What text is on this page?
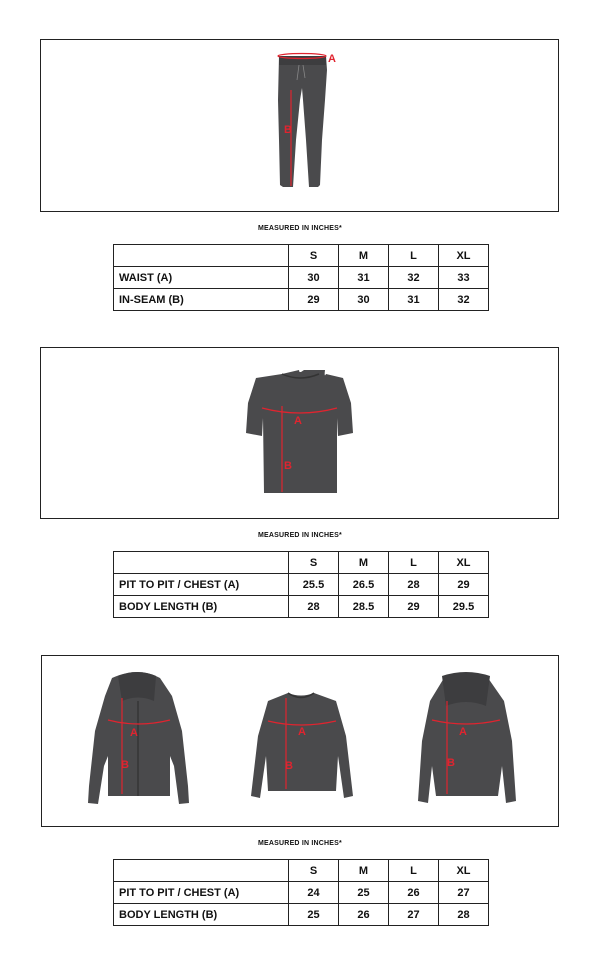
A
B
MEASURED IN INCHES*
	S	M	L	XL
WAIST (A)	30	31	32	33
IN-SEAM (B)	29	30	31	32
A
B
MEASURED IN INCHES*
	S	M	L	XL
PIT TO PIT / CHEST (A)	25.5	26.5	28	29
BODY LENGTH (B)	28	28.5	29	29.5
A
B
A
B
A
B
MEASURED IN INCHES*
	S	M	L	XL
PIT TO PIT / CHEST (A)	24	25	26	27
BODY LENGTH (B)	25	26	27	28
